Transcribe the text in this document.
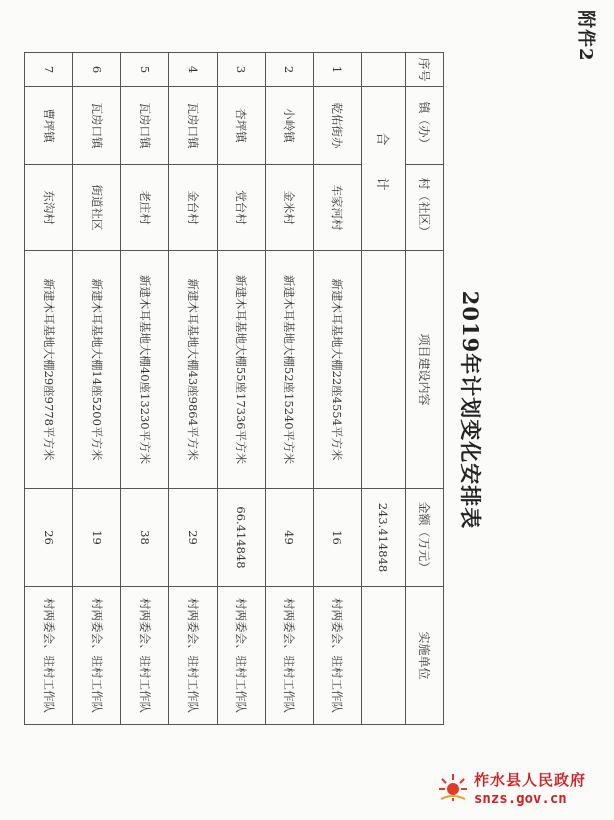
附件2
2019年计划变化安排表
序号	镇（办）	村（社区）	项目建设内容	金额（万元）	实施单位
	合 计			243.414848	
1	乾佑街办	车家河村	新建木耳基地大棚22座4554平方米	16	村两委会、驻村工作队
2	小岭镇	金米村	新建木耳基地大棚52座15240平方米	49	村两委会、驻村工作队
3	杏坪镇	党台村	新建木耳基地大棚55座17336平方米	66.414848	村两委会、驻村工作队
4	瓦房口镇	金台村	新建木耳基地大棚43座9864平方米	29	村两委会、驻村工作队
5	瓦房口镇	老庄村	新建木耳基地大棚40座13230平方米	38	村两委会、驻村工作队
6	瓦房口镇	街道社区	新建木耳基地大棚14座5200平方米	19	村两委会、驻村工作队
7	曹坪镇	东沟村	新建木耳基地大棚29座9778平方米	26	村两委会、驻村工作队
柞水县人民政府
snzs.gov.cn
